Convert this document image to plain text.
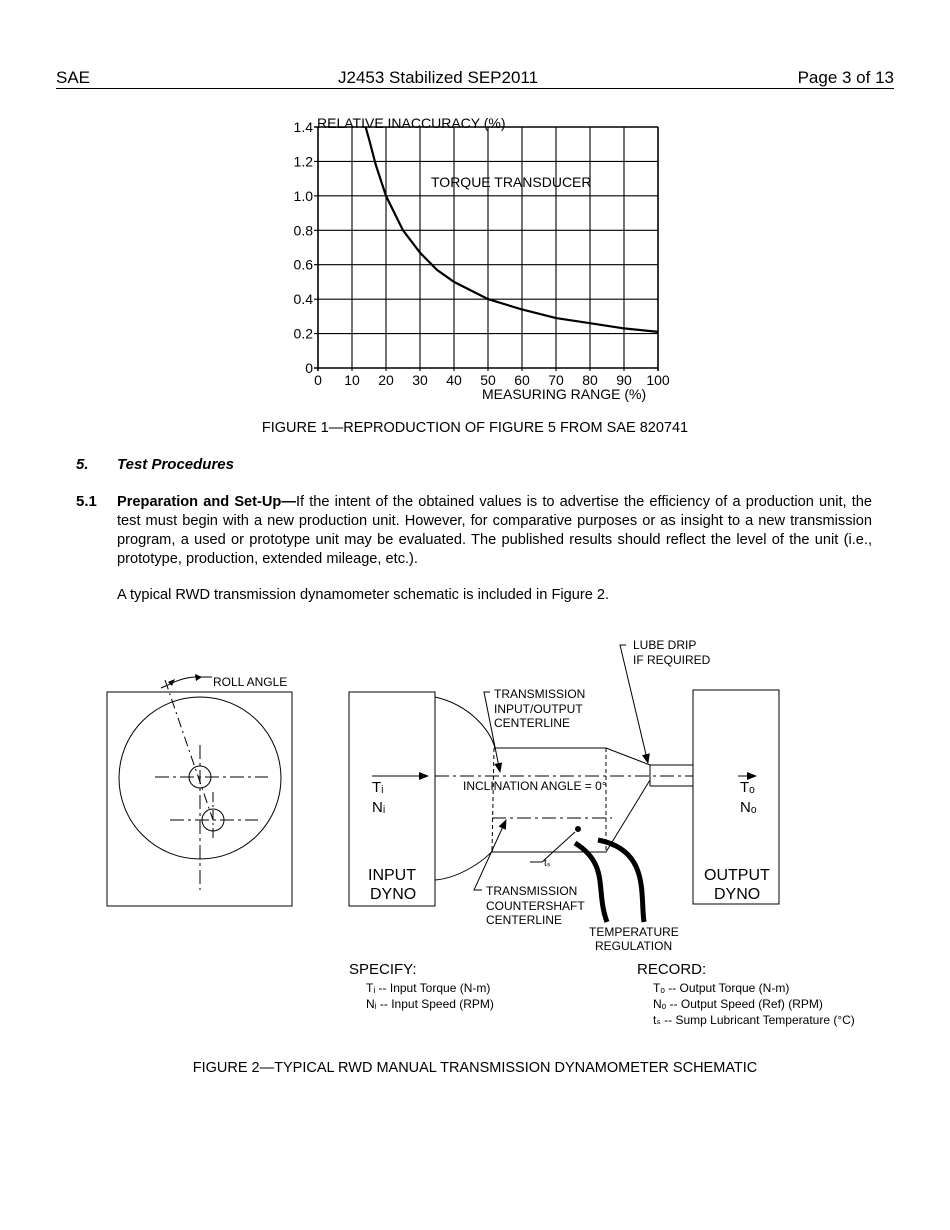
SAE	J2453 Stabilized SEP2011	Page 3 of 13
0 10 20 30 40 50 60 70 80 90 100
0
0.2
0.4
0.6
0.8
1.0
1.2
1.4 RELATIVE INACCURACY (%)
TORQUE TRANSDUCER
MEASURING RANGE (%)
FIGURE 1—REPRODUCTION OF FIGURE 5 FROM SAE 820741
5. Test Procedures
5.1 Preparation and Set-Up—If the intent of the obtained values is to advertise the efficiency of a production unit, the test must begin with a new production unit. However, for comparative purposes or as insight to a new transmission program, a used or prototype unit may be evaluated. The published results should reflect the level of the unit (i.e., prototype, production, extended mileage, etc.).
A typical RWD transmission dynamometer schematic is included in Figure 2.
ROLL ANGLE
LUBE DRIP
IF REQUIRED
TRANSMISSION
INPUT/OUTPUT
CENTERLINE
INCLINATION ANGLE = 0°
TRANSMISSION
COUNTERSHAFT
CENTERLINE
TEMPERATURE
REGULATION
tₛ
Tᵢ
Nᵢ
Tₒ
Nₒ
INPUT
DYNO
OUTPUT
DYNO
SPECIFY:	RECORD:
Tᵢ -- Input Torque (N-m)
Nᵢ -- Input Speed (RPM)
Tₒ -- Output Torque (N-m)
Nₒ -- Output Speed (Ref) (RPM)
tₛ -- Sump Lubricant Temperature (°C)
FIGURE 2—TYPICAL RWD MANUAL TRANSMISSION DYNAMOMETER SCHEMATIC
